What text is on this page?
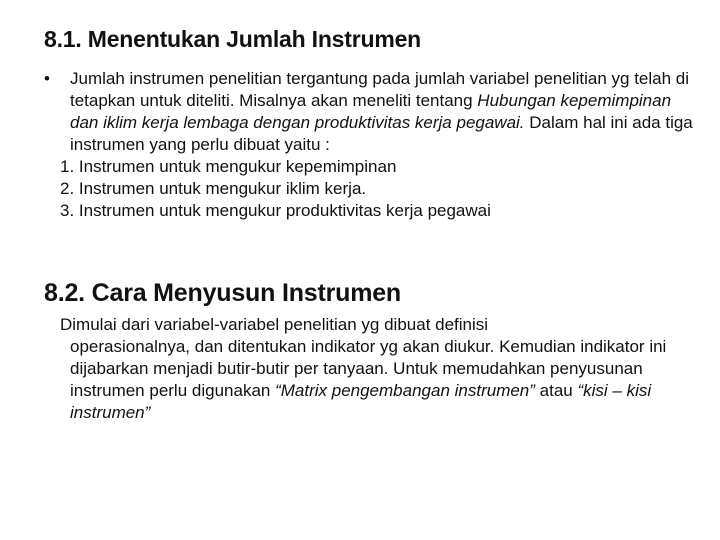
8.1. Menentukan Jumlah Instrumen
•	Jumlah instrumen penelitian tergantung pada jumlah variabel penelitian yg telah di tetapkan untuk diteliti. Misalnya akan meneliti tentang Hubungan kepemimpinan dan iklim kerja lembaga dengan produktivitas kerja pegawai. Dalam hal ini ada tiga instrumen yang perlu dibuat yaitu :
1. Instrumen untuk mengukur kepemimpinan
2. Instrumen untuk mengukur iklim kerja.
3. Instrumen untuk mengukur produktivitas kerja pegawai
8.2. Cara Menyusun Instrumen
Dimulai dari variabel-variabel penelitian yg dibuat definisi
operasionalnya, dan ditentukan indikator yg akan diukur. Kemudian indikator ini dijabarkan menjadi butir-butir per tanyaan. Untuk memudahkan penyusunan instrumen perlu digunakan “Matrix pengembangan instrumen” atau “kisi – kisi instrumen”
